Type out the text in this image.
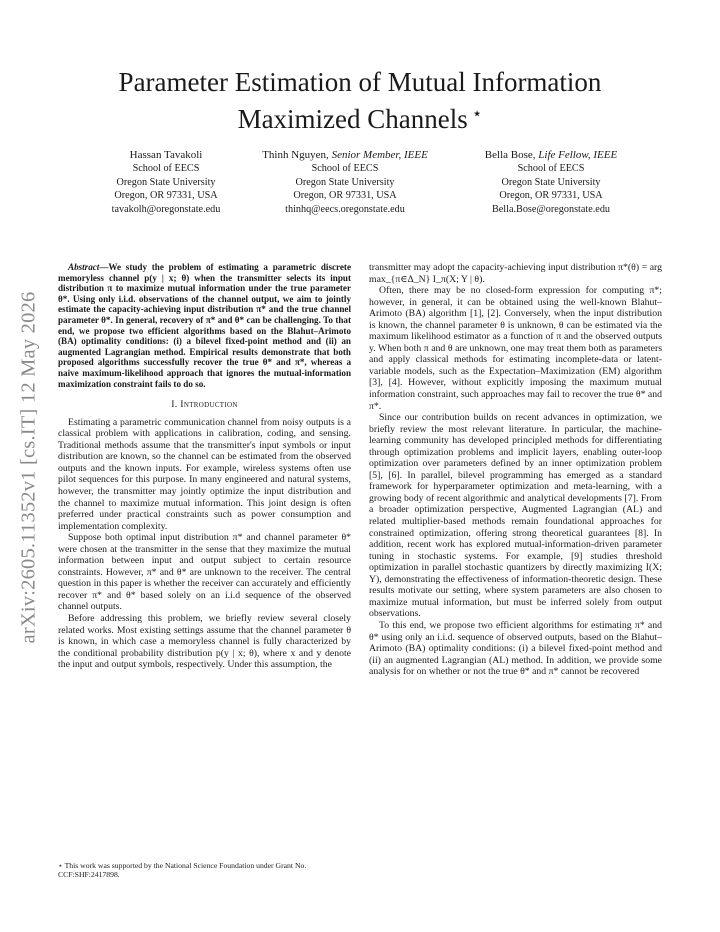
arXiv:2605.11352v1 [cs.IT] 12 May 2026
Parameter Estimation of Mutual Information
Maximized Channels ⋆
Hassan Tavakoli
School of EECS
Oregon State University
Oregon, OR 97331, USA
tavakolh@oregonstate.edu
Thinh Nguyen, Senior Member, IEEE
School of EECS
Oregon State University
Oregon, OR 97331, USA
thinhq@eecs.oregonstate.edu
Bella Bose, Life Fellow, IEEE
School of EECS
Oregon State University
Oregon, OR 97331, USA
Bella.Bose@oregonstate.edu

Abstract—We study the problem of estimating a parametric discrete memoryless channel p(y | x; θ) when the transmitter selects its input distribution π to maximize mutual information under the true parameter θ*. Using only i.i.d. observations of the channel output, we aim to jointly estimate the capacity-achieving input distribution π* and the true channel parameter θ*. In general, recovery of π* and θ* can be challenging. To that end, we propose two efficient algorithms based on the Blahut–Arimoto (BA) optimality conditions: (i) a bilevel fixed-point method and (ii) an augmented Lagrangian method. Empirical results demonstrate that both proposed algorithms successfully recover the true θ* and π*, whereas a naive maximum-likelihood approach that ignores the mutual-information maximization constraint fails to do so.

I. Introduction

Estimating a parametric communication channel from noisy outputs is a classical problem with applications in calibration, coding, and sensing. Traditional methods assume that the transmitter's input symbols or input distribution are known, so the channel can be estimated from the observed outputs and the known inputs. For example, wireless systems often use pilot sequences for this purpose. In many engineered and natural systems, however, the transmitter may jointly optimize the input distribution and the channel to maximize mutual information. This joint design is often preferred under practical constraints such as power consumption and implementation complexity.

Suppose both optimal input distribution π* and channel parameter θ* were chosen at the transmitter in the sense that they maximize the mutual information between input and output subject to certain resource constraints. However, π* and θ* are unknown to the receiver. The central question in this paper is whether the receiver can accurately and efficiently recover π* and θ* based solely on an i.i.d sequence of the observed channel outputs.

Before addressing this problem, we briefly review several closely related works. Most existing settings assume that the channel parameter θ is known, in which case a memoryless channel is fully characterized by the conditional probability distribution p(y | x; θ), where x and y denote the input and output symbols, respectively. Under this assumption, the

⋆ This work was supported by the National Science Foundation under Grant No. CCF:SHF:2417898.

transmitter may adopt the capacity-achieving input distribution π*(θ) = arg max_{π∈Δ_N} I_π(X; Y | θ).

Often, there may be no closed-form expression for computing π*; however, in general, it can be obtained using the well-known Blahut–Arimoto (BA) algorithm [1], [2]. Conversely, when the input distribution is known, the channel parameter θ is unknown, θ can be estimated via the maximum likelihood estimator as a function of π and the observed outputs y. When both π and θ are unknown, one may treat them both as parameters and apply classical methods for estimating incomplete-data or latent-variable models, such as the Expectation–Maximization (EM) algorithm [3], [4]. However, without explicitly imposing the maximum mutual information constraint, such approaches may fail to recover the true θ* and π*.

Since our contribution builds on recent advances in optimization, we briefly review the most relevant literature. In particular, the machine-learning community has developed principled methods for differentiating through optimization problems and implicit layers, enabling outer-loop optimization over parameters defined by an inner optimization problem [5], [6]. In parallel, bilevel programming has emerged as a standard framework for hyperparameter optimization and meta-learning, with a growing body of recent algorithmic and analytical developments [7]. From a broader optimization perspective, Augmented Lagrangian (AL) and related multiplier-based methods remain foundational approaches for constrained optimization, offering strong theoretical guarantees [8]. In addition, recent work has explored mutual-information-driven parameter tuning in stochastic systems. For example, [9] studies threshold optimization in parallel stochastic quantizers by directly maximizing I(X; Y), demonstrating the effectiveness of information-theoretic design. These results motivate our setting, where system parameters are also chosen to maximize mutual information, but must be inferred solely from output observations.

To this end, we propose two efficient algorithms for estimating π* and θ* using only an i.i.d. sequence of observed outputs, based on the Blahut–Arimoto (BA) optimality conditions: (i) a bilevel fixed-point method and (ii) an augmented Lagrangian (AL) method. In addition, we provide some analysis for on whether or not the true θ* and π* cannot be recovered
